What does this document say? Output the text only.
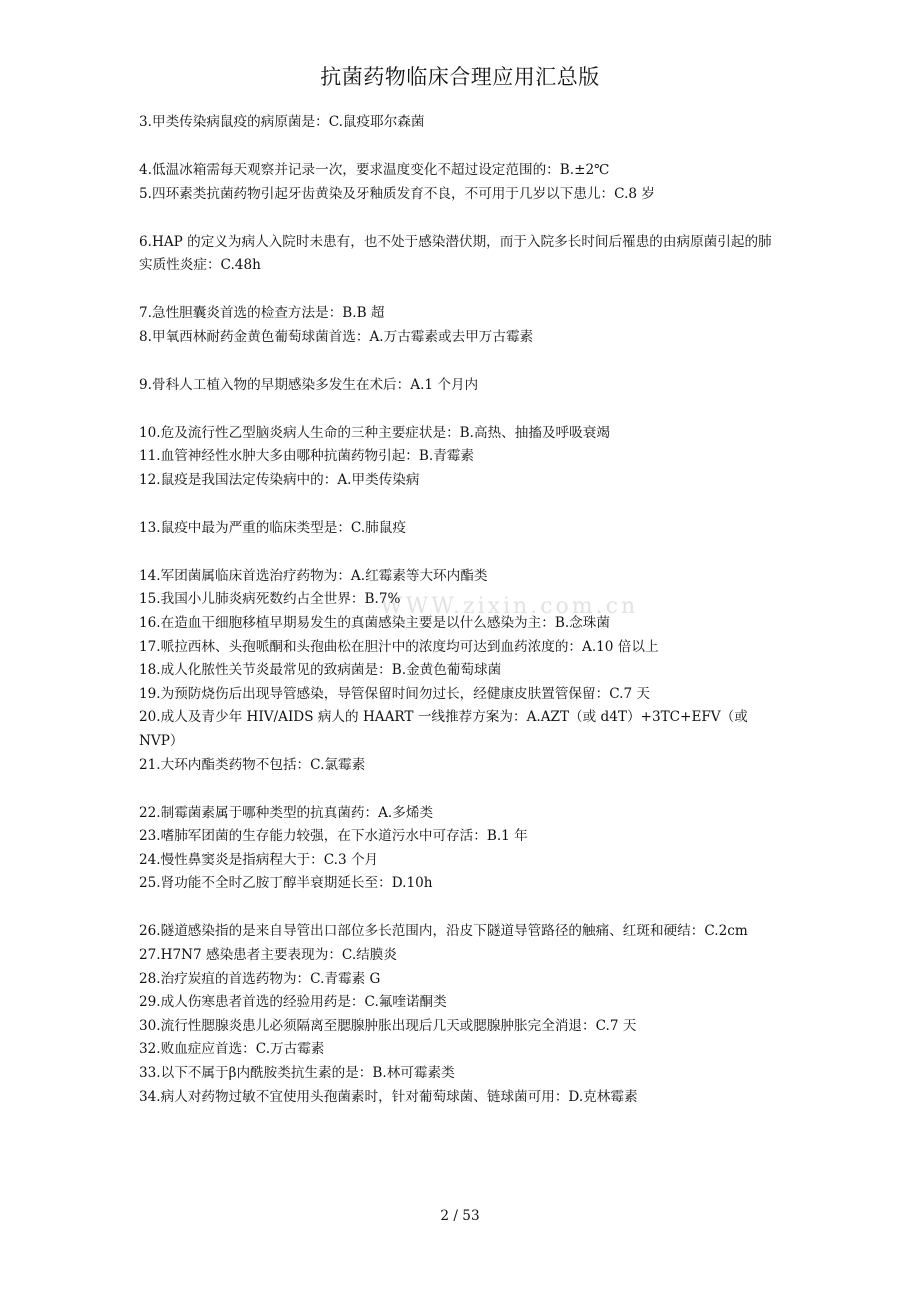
抗菌药物临床合理应用汇总版
WWW.zixin.com.cn
3.甲类传染病鼠疫的病原菌是：C.鼠疫耶尔森菌
4.低温冰箱需每天观察并记录一次，要求温度变化不超过设定范围的：B.±2℃
5.四环素类抗菌药物引起牙齿黄染及牙釉质发育不良，不可用于几岁以下患儿：C.8 岁
6.HAP 的定义为病人入院时未患有，也不处于感染潜伏期，而于入院多长时间后罹患的由病原菌引起的肺实质性炎症：C.48h
7.急性胆囊炎首选的检查方法是：B.B 超
8.甲氧西林耐药金黄色葡萄球菌首选：A.万古霉素或去甲万古霉素
9.骨科人工植入物的早期感染多发生在术后：A.1 个月内
10.危及流行性乙型脑炎病人生命的三种主要症状是：B.高热、抽搐及呼吸衰竭
11.血管神经性水肿大多由哪种抗菌药物引起：B.青霉素
12.鼠疫是我国法定传染病中的：A.甲类传染病
13.鼠疫中最为严重的临床类型是：C.肺鼠疫
14.军团菌属临床首选治疗药物为：A.红霉素等大环内酯类
15.我国小儿肺炎病死数约占全世界：B.7%
16.在造血干细胞移植早期易发生的真菌感染主要是以什么感染为主：B.念珠菌
17.哌拉西林、头孢哌酮和头孢曲松在胆汁中的浓度均可达到血药浓度的：A.10 倍以上
18.成人化脓性关节炎最常见的致病菌是：B.金黄色葡萄球菌
19.为预防烧伤后出现导管感染，导管保留时间勿过长，经健康皮肤置管保留：C.7 天
20.成人及青少年 HIV/AIDS 病人的 HAART 一线推荐方案为：A.AZT（或 d4T）+3TC+EFV（或 NVP）
21.大环内酯类药物不包括：C.氯霉素
22.制霉菌素属于哪种类型的抗真菌药：A.多烯类
23.嗜肺军团菌的生存能力较强，在下水道污水中可存活：B.1 年
24.慢性鼻窦炎是指病程大于：C.3 个月
25.肾功能不全时乙胺丁醇半衰期延长至：D.10h
26.隧道感染指的是来自导管出口部位多长范围内，沿皮下隧道导管路径的触痛、红斑和硬结：C.2cm
27.H7N7 感染患者主要表现为：C.结膜炎
28.治疗炭疽的首选药物为：C.青霉素 G
29.成人伤寒患者首选的经验用药是：C.氟喹诺酮类
30.流行性腮腺炎患儿必须隔离至腮腺肿胀出现后几天或腮腺肿胀完全消退：C.7 天
32.败血症应首选：C.万古霉素
33.以下不属于β内酰胺类抗生素的是：B.林可霉素类
34.病人对药物过敏不宜使用头孢菌素时，针对葡萄球菌、链球菌可用：D.克林霉素
2 / 53
